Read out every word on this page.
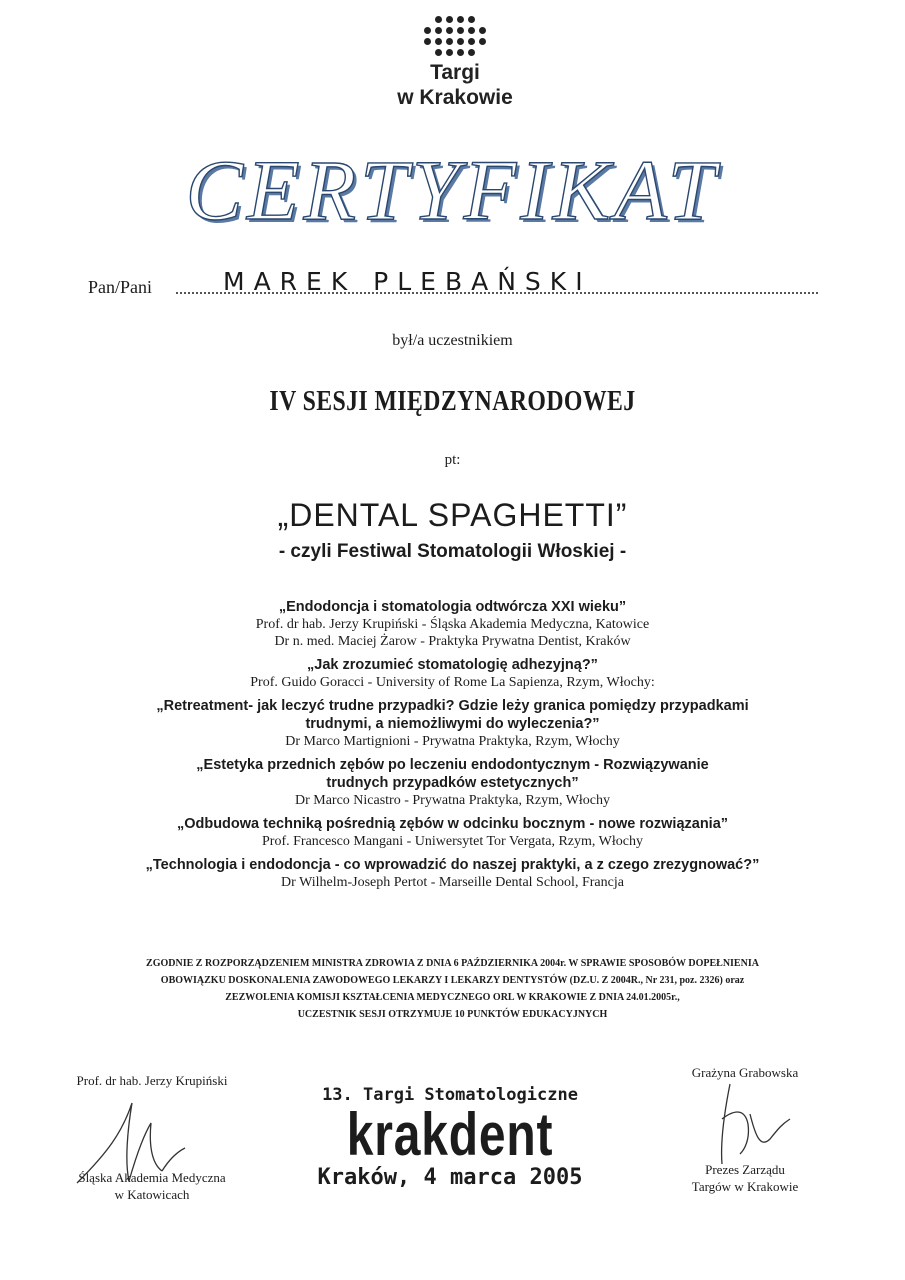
Targi
w Krakowie
CERTYFIKAT
Pan/Pani	MAREK PLEBAŃSKI
był/a uczestnikiem
IV SESJI MIĘDZYNARODOWEJ
pt:
„DENTAL SPAGHETTI”
- czyli Festiwal Stomatologii Włoskiej -
„Endodoncja i stomatologia odtwórcza XXI wieku”
Prof. dr hab. Jerzy Krupiński - Śląska Akademia Medyczna, Katowice
Dr n. med. Maciej Żarow - Praktyka Prywatna Dentist, Kraków
„Jak zrozumieć stomatologię adhezyjną?”
Prof. Guido Goracci - University of Rome La Sapienza, Rzym, Włochy:
„Retreatment- jak leczyć trudne przypadki? Gdzie leży granica pomiędzy przypadkami trudnymi, a niemożliwymi do wyleczenia?”
Dr Marco Martignioni - Prywatna Praktyka, Rzym, Włochy
„Estetyka przednich zębów po leczeniu endodontycznym - Rozwiązywanie trudnych przypadków estetycznych”
Dr Marco Nicastro - Prywatna Praktyka, Rzym, Włochy
„Odbudowa techniką pośrednią zębów w odcinku bocznym - nowe rozwiązania”
Prof. Francesco Mangani - Uniwersytet Tor Vergata, Rzym, Włochy
„Technologia i endodoncja - co wprowadzić do naszej praktyki, a z czego zrezygnować?”
Dr Wilhelm-Joseph Pertot - Marseille Dental School, Francja
ZGODNIE Z ROZPORZĄDZENIEM MINISTRA ZDROWIA Z DNIA 6 PAŹDZIERNIKA 2004r. W SPRAWIE SPOSOBÓW DOPEŁNIENIA
OBOWIĄZKU DOSKONALENIA ZAWODOWEGO LEKARZY I LEKARZY DENTYSTÓW (DZ.U. Z 2004R., Nr 231, poz. 2326) oraz
ZEZWOLENIA KOMISJI KSZTAŁCENIA MEDYCZNEGO ORL W KRAKOWIE Z DNIA 24.01.2005r.,
UCZESTNIK SESJI OTRZYMUJE 10 PUNKTÓW EDUKACYJNYCH
Prof. dr hab. Jerzy Krupiński
Śląska Akademia Medyczna
w Katowicach
13. Targi Stomatologiczne
krakdent
Kraków, 4 marca 2005
Grażyna Grabowska
Prezes Zarządu
Targów w Krakowie
